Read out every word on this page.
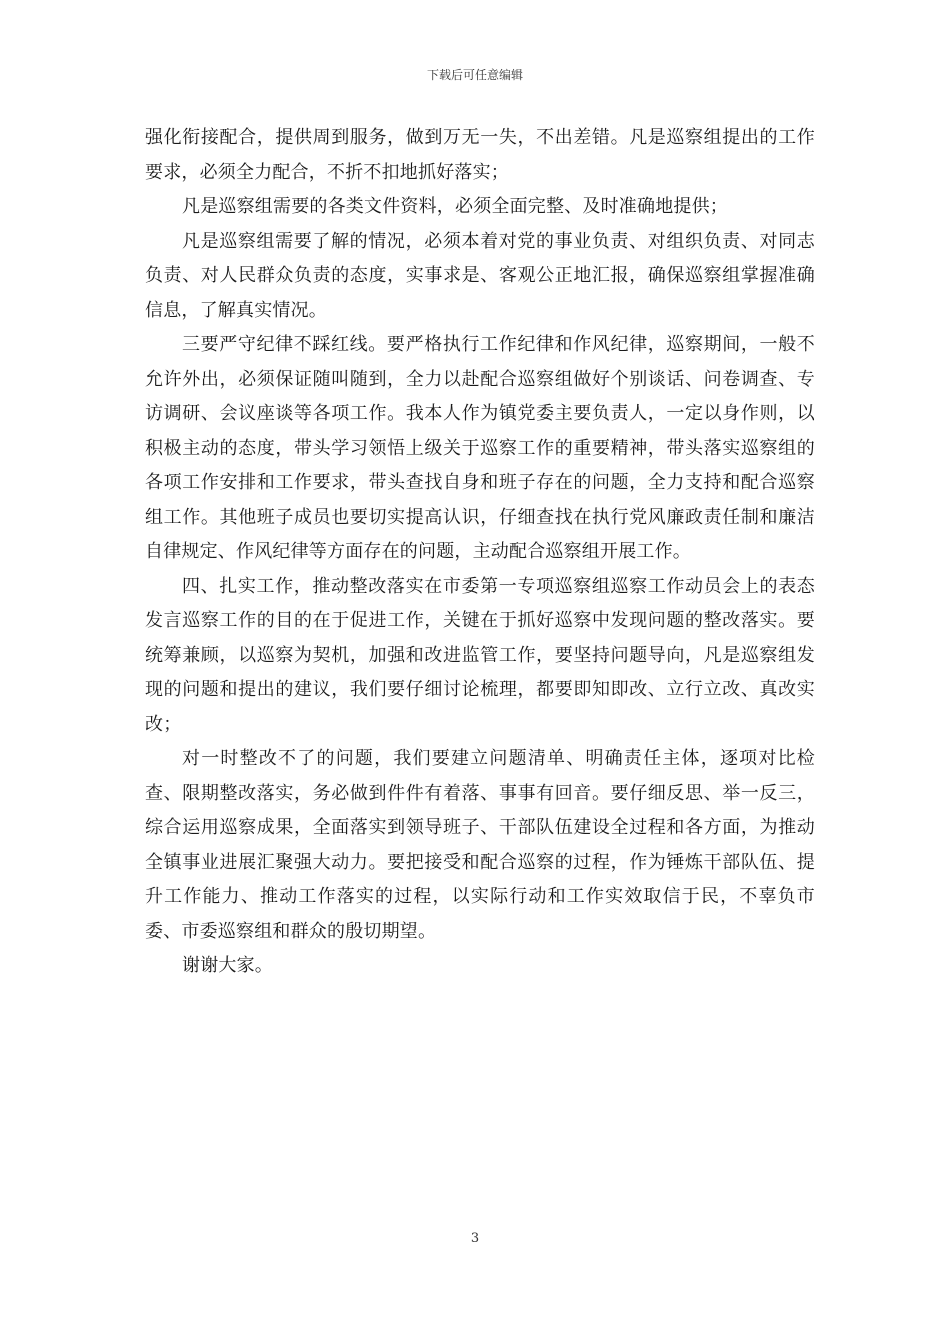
下载后可任意编辑

强化衔接配合，提供周到服务，做到万无一失，不出差错。凡是巡察组提出的工作要求，必须全力配合，不折不扣地抓好落实；

凡是巡察组需要的各类文件资料，必须全面完整、及时准确地提供；

凡是巡察组需要了解的情况，必须本着对党的事业负责、对组织负责、对同志负责、对人民群众负责的态度，实事求是、客观公正地汇报，确保巡察组掌握准确信息，了解真实情况。

三要严守纪律不踩红线。要严格执行工作纪律和作风纪律，巡察期间，一般不允许外出，必须保证随叫随到，全力以赴配合巡察组做好个别谈话、问卷调查、专访调研、会议座谈等各项工作。我本人作为镇党委主要负责人，一定以身作则，以积极主动的态度，带头学习领悟上级关于巡察工作的重要精神，带头落实巡察组的各项工作安排和工作要求，带头查找自身和班子存在的问题，全力支持和配合巡察组工作。其他班子成员也要切实提高认识，仔细查找在执行党风廉政责任制和廉洁自律规定、作风纪律等方面存在的问题，主动配合巡察组开展工作。

四、扎实工作，推动整改落实在市委第一专项巡察组巡察工作动员会上的表态发言巡察工作的目的在于促进工作，关键在于抓好巡察中发现问题的整改落实。要统筹兼顾，以巡察为契机，加强和改进监管工作，要坚持问题导向，凡是巡察组发现的问题和提出的建议，我们要仔细讨论梳理，都要即知即改、立行立改、真改实改；

对一时整改不了的问题，我们要建立问题清单、明确责任主体，逐项对比检查、限期整改落实，务必做到件件有着落、事事有回音。要仔细反思、举一反三，综合运用巡察成果，全面落实到领导班子、干部队伍建设全过程和各方面，为推动全镇事业进展汇聚强大动力。要把接受和配合巡察的过程，作为锤炼干部队伍、提升工作能力、推动工作落实的过程，以实际行动和工作实效取信于民，不辜负市委、市委巡察组和群众的殷切期望。

谢谢大家。

3
